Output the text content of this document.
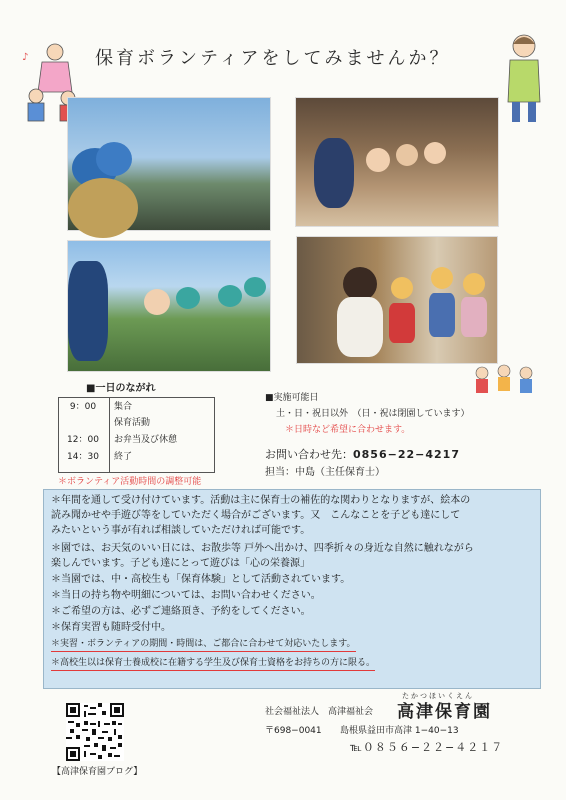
♪	保育ボランティアをしてみませんか？
■一日のながれ
9：00	集合
保育活動
12：00	お弁当及び休憩
14：30	終了
＊ボランティア活動時間の調整可能
■実施可能日
土・日・祝日以外　（日・祝は閉園しています）
＊日時など希望に合わせます。
お問い合わせ先：0856−22−4217
担当：中島（主任保育士）
＊年間を通して受け付けています。活動は主に保育士の補佐的な関わりとなりますが、絵本の
読み聞かせや手遊び等をしていただく場合がございます。又　こんなことを子ども達にして
みたいという事が有れば相談していただければ可能です。
＊園では、お天気のいい日には、お散歩等 戸外へ出かけ、四季折々の身近な自然に触れながら
楽しんでいます。子ども達にとって遊びは「心の栄養源」
＊当園では、中・高校生も「保育体験」として活動されています。
＊当日の持ち物や明細については、お問い合わせください。
＊ご希望の方は、必ずご連絡頂き、予約をしてください。
＊保育実習も随時受付中。
＊実習・ボランティアの期間・時間は、ご都合に合わせて対応いたします。
＊高校生以は保育士養成校に在籍する学生及び保育士資格をお持ちの方に限る。
【高津保育園ブログ】
たかつほいくえん
社会福祉法人　高津福祉会 高津保育園
〒698−0041 島根県益田市高津 1−40−13
℡０８５６−２２−４２１７
